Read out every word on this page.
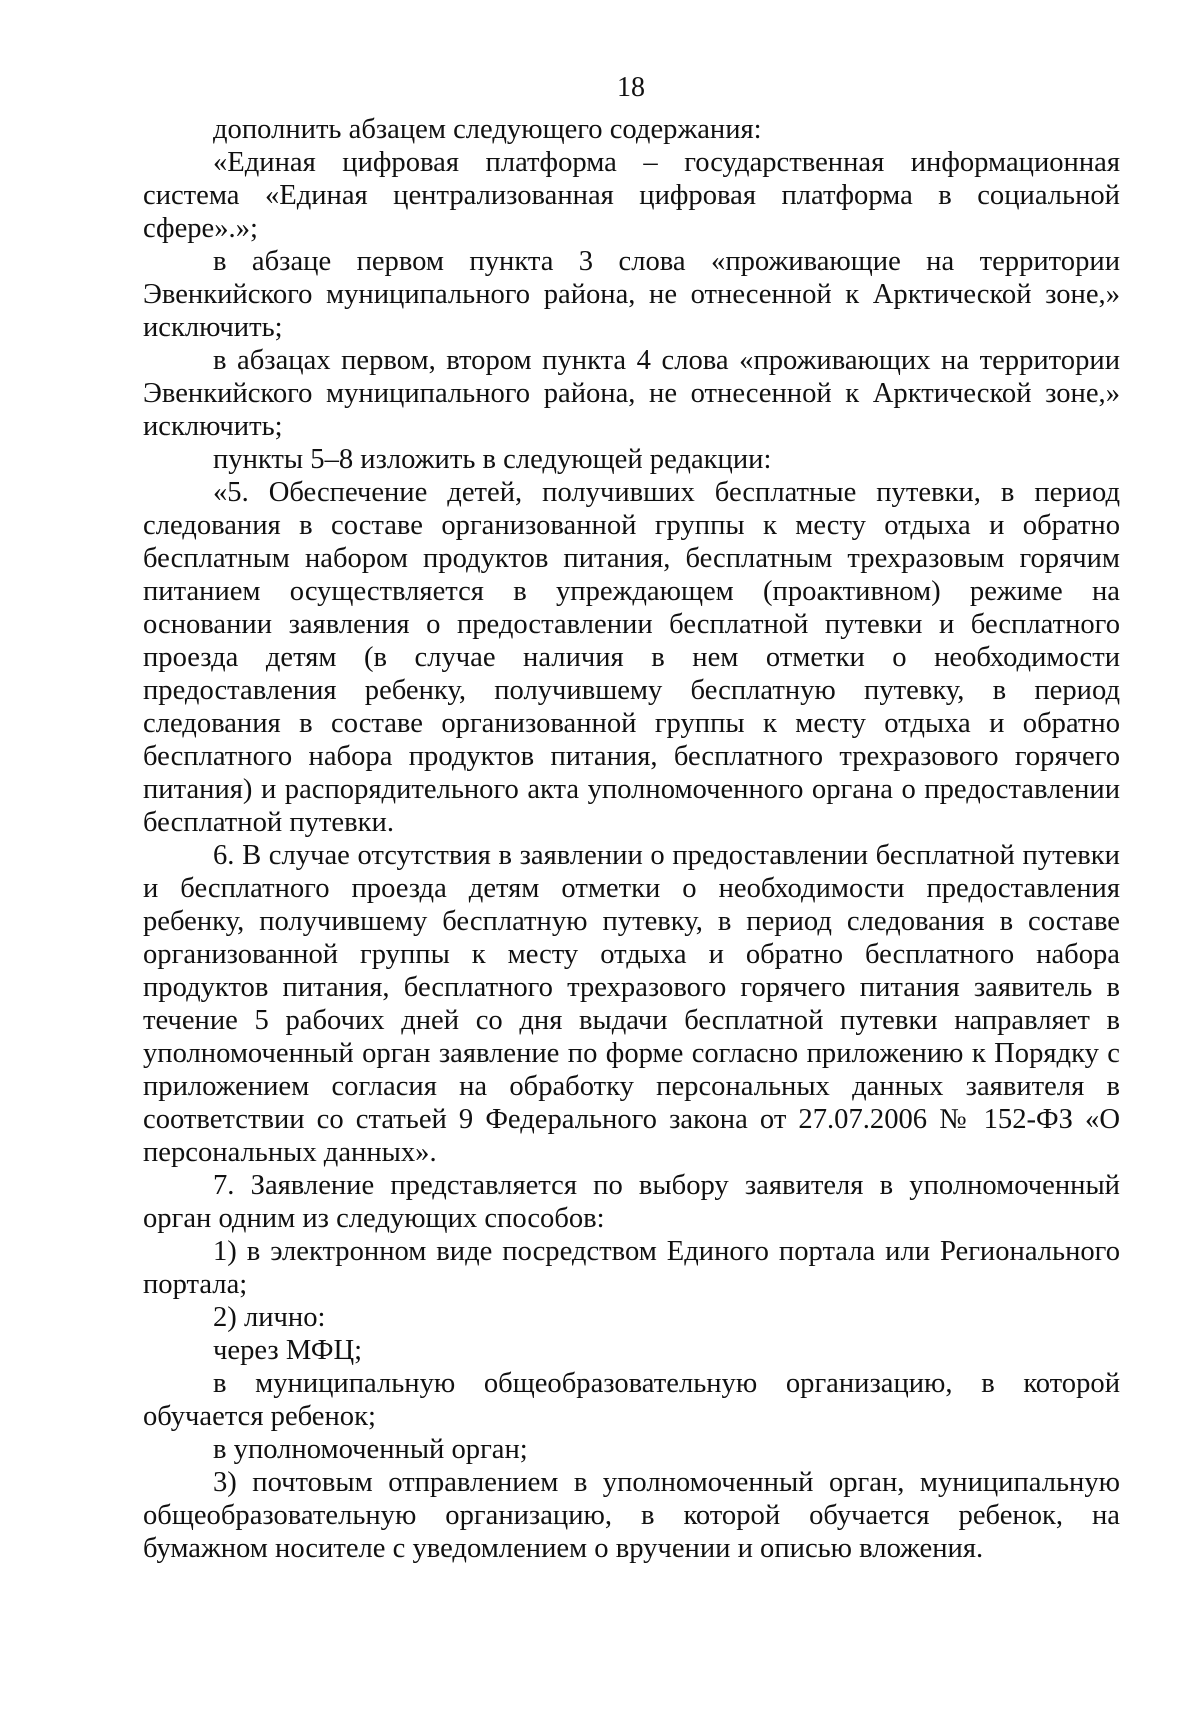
18

дополнить абзацем следующего содержания:

«Единая цифровая платформа – государственная информационная система «Единая централизованная цифровая платформа в социальной сфере».»;

в абзаце первом пункта 3 слова «проживающие на территории Эвенкийского муниципального района, не отнесенной к Арктической зоне,» исключить;

в абзацах первом, втором пункта 4 слова «проживающих на территории Эвенкийского муниципального района, не отнесенной к Арктической зоне,» исключить;

пункты 5–8 изложить в следующей редакции:

«5. Обеспечение детей, получивших бесплатные путевки, в период следования в составе организованной группы к месту отдыха и обратно бесплатным набором продуктов питания, бесплатным трехразовым горячим питанием осуществляется в упреждающем (проактивном) режиме на основании заявления о предоставлении бесплатной путевки и бесплатного проезда детям (в случае наличия в нем отметки о необходимости предоставления ребенку, получившему бесплатную путевку, в период следования в составе организованной группы к месту отдыха и обратно бесплатного набора продуктов питания, бесплатного трехразового горячего питания) и распорядительного акта уполномоченного органа о предоставлении бесплатной путевки.

6. В случае отсутствия в заявлении о предоставлении бесплатной путевки и бесплатного проезда детям отметки о необходимости предоставления ребенку, получившему бесплатную путевку, в период следования в составе организованной группы к месту отдыха и обратно бесплатного набора продуктов питания, бесплатного трехразового горячего питания заявитель в течение 5 рабочих дней со дня выдачи бесплатной путевки направляет в уполномоченный орган заявление по форме согласно приложению к Порядку с приложением согласия на обработку персональных данных заявителя в соответствии со статьей 9 Федерального закона от 27.07.2006 № 152-ФЗ «О персональных данных».

7. Заявление представляется по выбору заявителя в уполномоченный орган одним из следующих способов:

1) в электронном виде посредством Единого портала или Регионального портала;

2) лично:

через МФЦ;

в муниципальную общеобразовательную организацию, в которой обучается ребенок;

в уполномоченный орган;

3) почтовым отправлением в уполномоченный орган, муниципальную общеобразовательную организацию, в которой обучается ребенок, на бумажном носителе с уведомлением о вручении и описью вложения.
